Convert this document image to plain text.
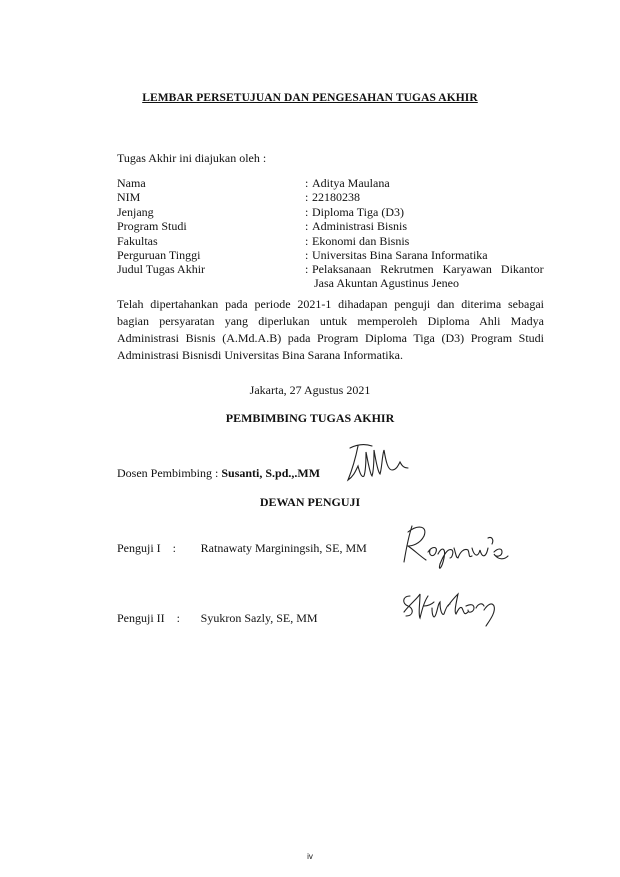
LEMBAR PERSETUJUAN DAN PENGESAHAN TUGAS AKHIR
Tugas Akhir ini diajukan oleh :
Nama	: Aditya Maulana
NIM	: 22180238
Jenjang	: Diploma Tiga (D3)
Program Studi	: Administrasi Bisnis
Fakultas	: Ekonomi dan Bisnis
Perguruan Tinggi	: Universitas Bina Sarana Informatika
Judul Tugas Akhir	: Pelaksanaan Rekrutmen Karyawan Dikantor
Jasa Akuntan Agustinus Jeneo
Telah dipertahankan pada periode 2021-1 dihadapan penguji dan diterima sebagai
bagian persyaratan yang diperlukan untuk memperoleh Diploma Ahli Madya
Administrasi Bisnis (A.Md.A.B) pada Program Diploma Tiga (D3) Program Studi
Administrasi Bisnisdi Universitas Bina Sarana Informatika.
Jakarta, 27 Agustus 2021
PEMBIMBING TUGAS AKHIR
Dosen Pembimbing : Susanti, S.pd.,.MM
DEWAN PENGUJI
Penguji I : Ratnawaty Marginingsih, SE, MM
Penguji II : Syukron Sazly, SE, MM
iv
